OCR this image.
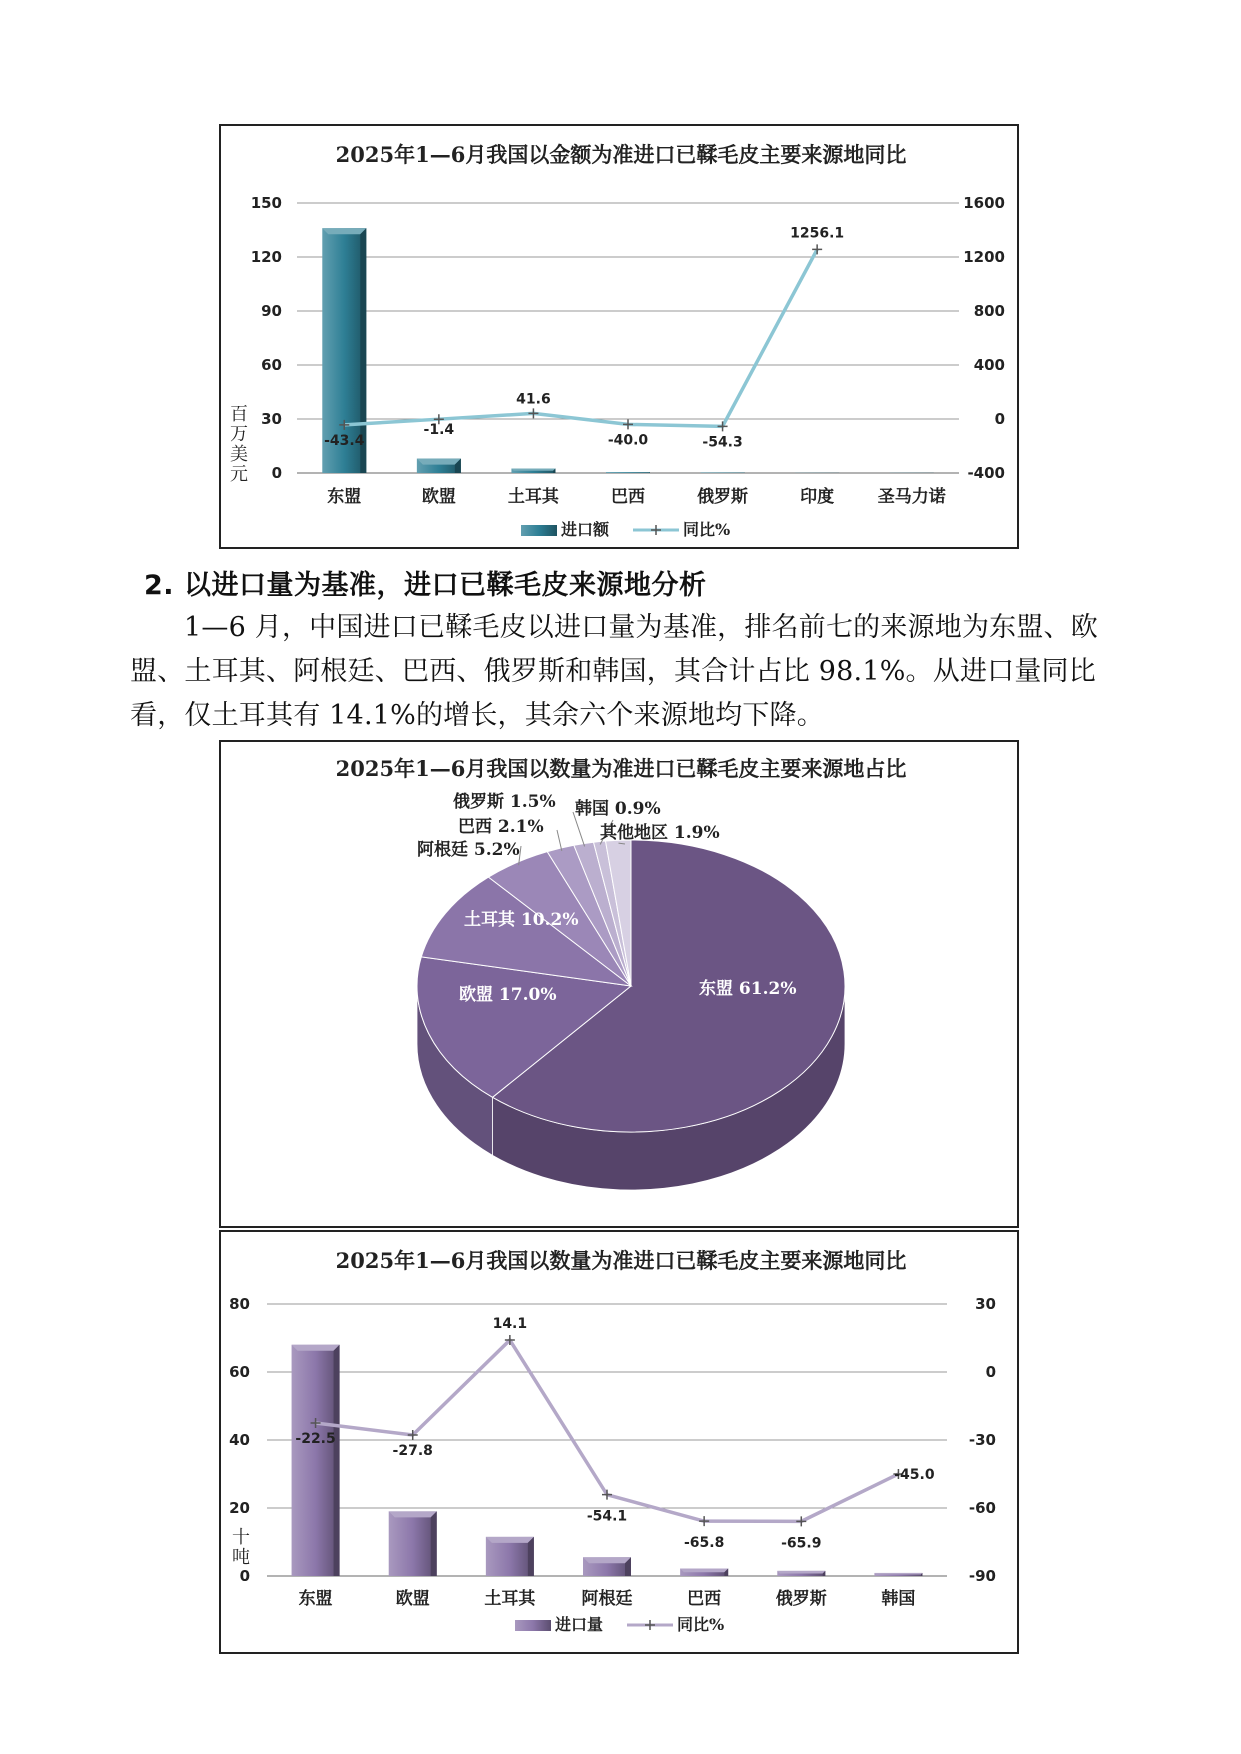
2025年1—6月我国以金额为准进口已鞣毛皮主要来源地同比
0
30
60
90
120
150
-400
0
400
800
1200
1600
百
万
美
元
东盟	欧盟	土耳其	巴西	俄罗斯	印度	圣马力诺
-43.4
-1.4
41.6
-40.0	-54.3
1256.1
进口额	同比%
2. 以进口量为基准，进口已鞣毛皮来源地分析

1—6 月，中国进口已鞣毛皮以进口量为基准，排名前七的来源地为东盟、欧盟、土耳其、阿根廷、巴西、俄罗斯和韩国，其合计占比 98.1%。从进口量同比看，仅土耳其有 14.1%的增长，其余六个来源地均下降。

2025年1—6月我国以数量为准进口已鞣毛皮主要来源地占比
东盟 61.2%
欧盟 17.0%
土耳其 10.2%
阿根廷 5.2%
巴西 2.1%
俄罗斯 1.5% 韩国 0.9%
其他地区 1.9%
2025年1—6月我国以数量为准进口已鞣毛皮主要来源地同比
0
20
40
60
80
-90
-60
-30
0
30
十
吨
东盟	欧盟	土耳其	阿根廷	巴西	俄罗斯	韩国
-22.5
-27.8
14.1
-54.1
-65.8	-65.9
-45.0
进口量	同比%
